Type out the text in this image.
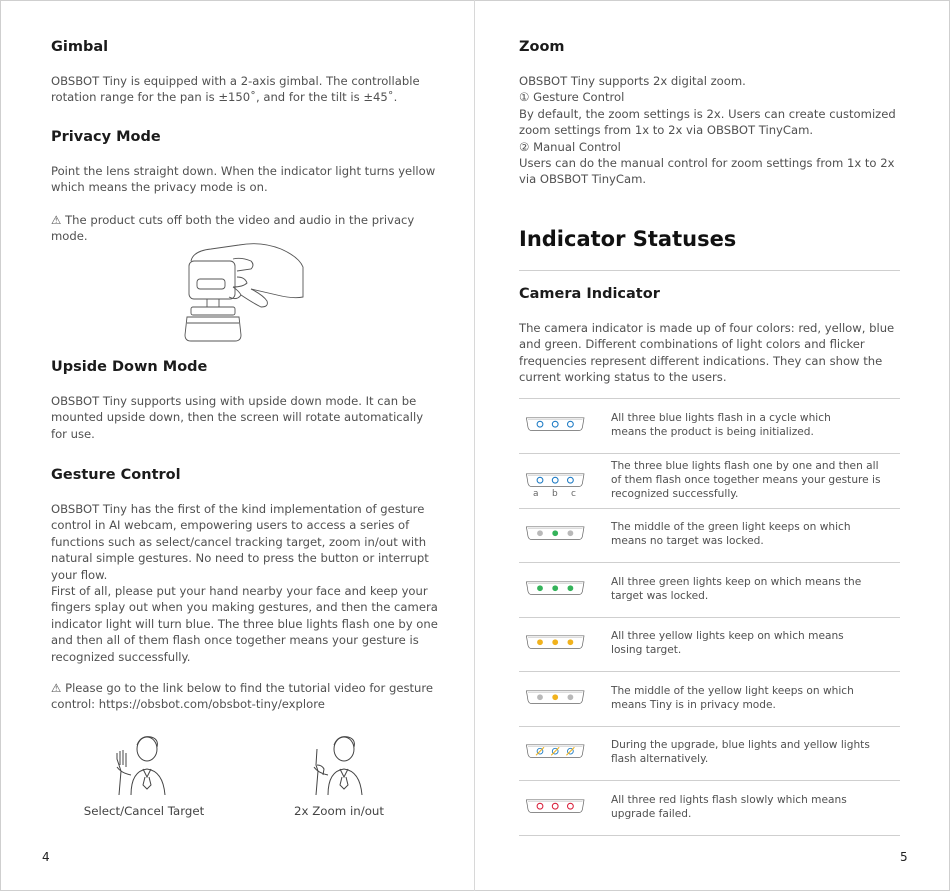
Gimbal
OBSBOT Tiny is equipped with a 2-axis gimbal. The controllable
rotation range for the pan is ±150˚, and for the tilt is ±45˚.
Privacy Mode
Point the lens straight down. When the indicator light turns yellow
which means the privacy mode is on.
⚠ The product cuts off both the video and audio in the privacy
mode.
Upside Down Mode
OBSBOT Tiny supports using with upside down mode. It can be
mounted upside down, then the screen will rotate automatically
for use.
Gesture Control
OBSBOT Tiny has the first of the kind implementation of gesture
control in AI webcam, empowering users to access a series of
functions such as select/cancel tracking target, zoom in/out with
natural simple gestures. No need to press the button or interrupt
your flow.
First of all, please put your hand nearby your face and keep your
fingers splay out when you making gestures, and then the camera
indicator light will turn blue. The three blue lights flash one by one
and then all of them flash once together means your gesture is
recognized successfully.
⚠ Please go to the link below to find the tutorial video for gesture
control: https://obsbot.com/obsbot-tiny/explore
Select/Cancel Target	2x Zoom in/out
4
Zoom
OBSBOT Tiny supports 2x digital zoom.
① Gesture Control
By default, the zoom settings is 2x. Users can create customized
zoom settings from 1x to 2x via OBSBOT TinyCam.
② Manual Control
Users can do the manual control for zoom settings from 1x to 2x
via OBSBOT TinyCam.
Indicator Statuses
Camera Indicator
The camera indicator is made up of four colors: red, yellow, blue
and green. Different combinations of light colors and flicker
frequencies represent different indications. They can show the
current working status to the users.
5
All three blue lights flash in a cycle which
means the product is being initialized.
a b c
The three blue lights flash one by one and then all
of them flash once together means your gesture is
recognized successfully.
The middle of the green light keeps on which
means no target was locked.
All three green lights keep on which means the
target was locked.
All three yellow lights keep on which means
losing target.
The middle of the yellow light keeps on which
means Tiny is in privacy mode.
During the upgrade, blue lights and yellow lights
flash alternatively.
All three red lights flash slowly which means
upgrade failed.
